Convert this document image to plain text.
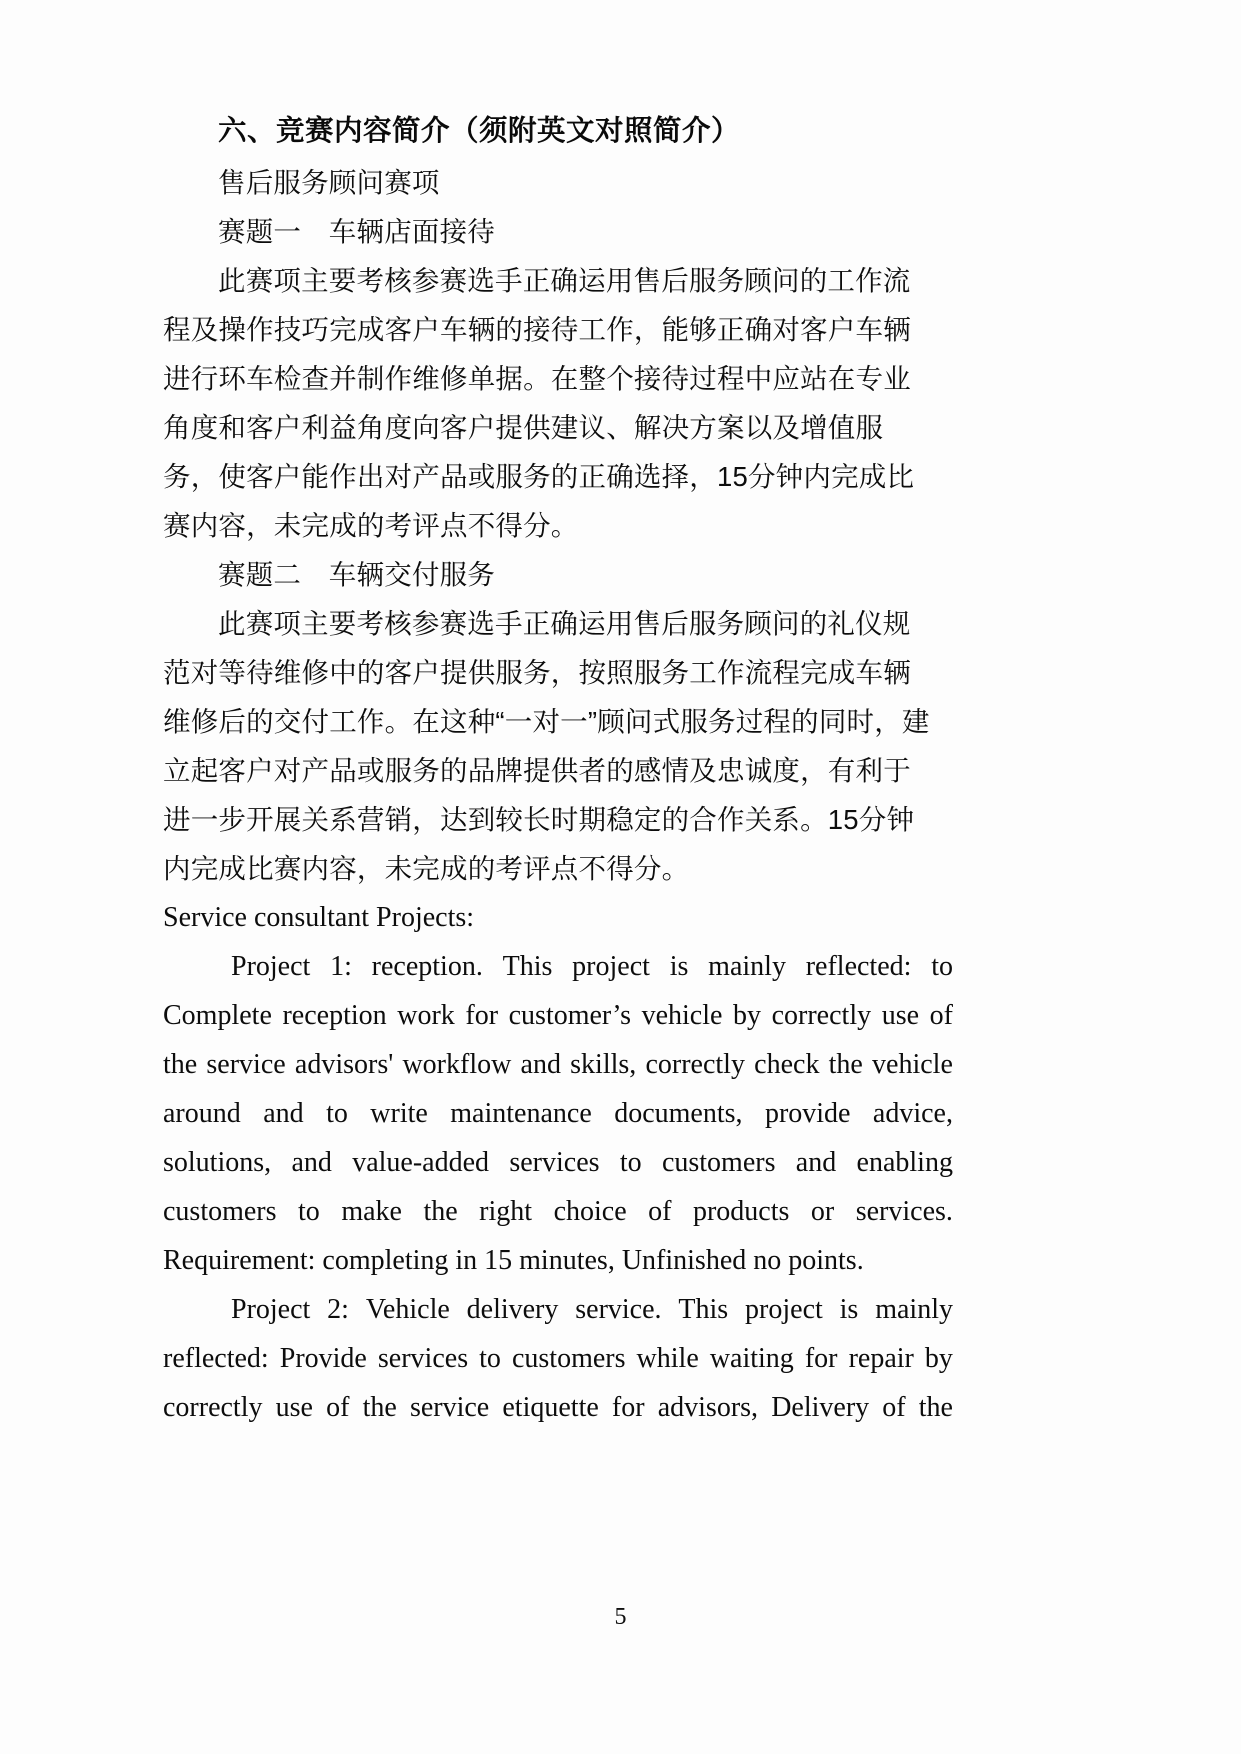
六、竞赛内容简介（须附英文对照简介）
售后服务顾问赛项
赛题一　车辆店面接待
此赛项主要考核参赛选手正确运用售后服务顾问的工作流
程及操作技巧完成客户车辆的接待工作，能够正确对客户车辆
进行环车检查并制作维修单据。在整个接待过程中应站在专业
角度和客户利益角度向客户提供建议、解决方案以及增值服
务，使客户能作出对产品或服务的正确选择，15分钟内完成比
赛内容，未完成的考评点不得分。
赛题二　车辆交付服务
此赛项主要考核参赛选手正确运用售后服务顾问的礼仪规
范对等待维修中的客户提供服务，按照服务工作流程完成车辆
维修后的交付工作。在这种“一对一”顾问式服务过程的同时，建
立起客户对产品或服务的品牌提供者的感情及忠诚度，有利于
进一步开展关系营销，达到较长时期稳定的合作关系。15分钟
内完成比赛内容，未完成的考评点不得分。
Service consultant Projects:
Project 1: reception. This project is mainly reflected: to
Complete reception work for customer’s vehicle by correctly use of
the service advisors' workflow and skills, correctly check the vehicle
around and to write maintenance documents, provide advice,
solutions, and value-added services to customers and enabling
customers to make the right choice of products or services.
Requirement: completing in 15 minutes, Unfinished no points.
Project 2: Vehicle delivery service. This project is mainly
reflected: Provide services to customers while waiting for repair by
correctly use of the service etiquette for advisors, Delivery of the
5
